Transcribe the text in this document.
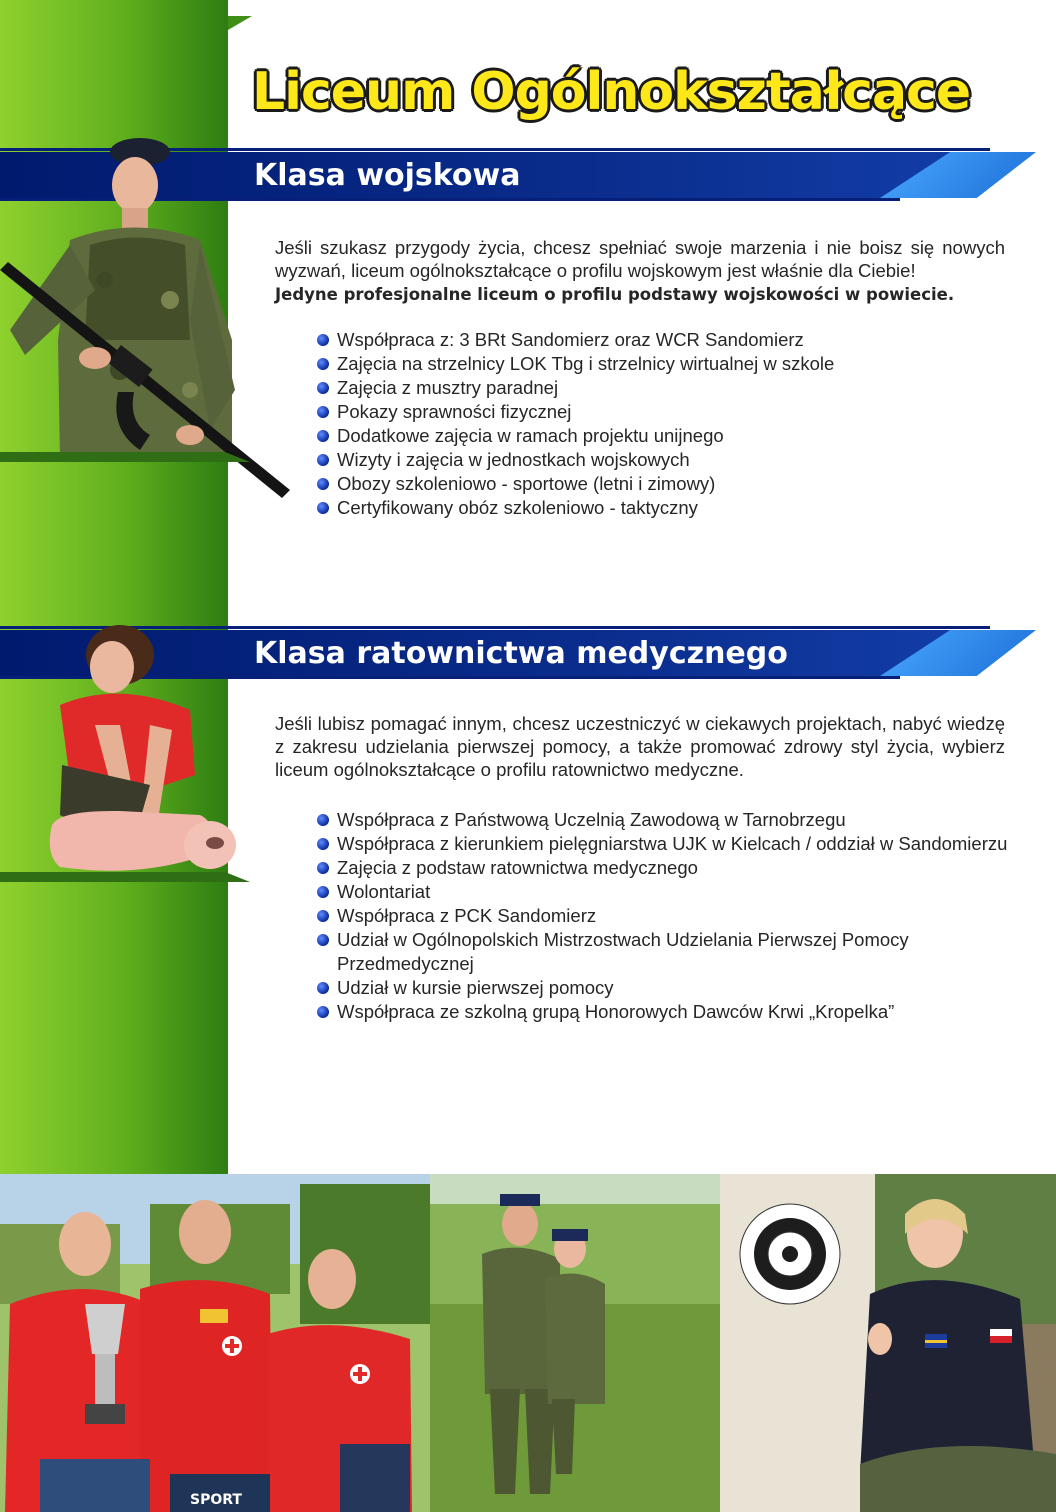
Liceum Ogólnokształcące
Klasa wojskowa
Jeśli szukasz przygody życia, chcesz spełniać swoje marzenia i nie boisz się nowych wyzwań, liceum ogólnokształcące o profilu wojskowym jest właśnie dla Ciebie!
Jedyne profesjonalne liceum o profilu podstawy wojskowości w powiecie.
Współpraca z: 3 BRt Sandomierz oraz WCR Sandomierz
Zajęcia na strzelnicy LOK Tbg i strzelnicy wirtualnej w szkole
Zajęcia z musztry paradnej
Pokazy sprawności fizycznej
Dodatkowe zajęcia w ramach projektu unijnego
Wizyty i zajęcia w jednostkach wojskowych
Obozy szkoleniowo - sportowe (letni i zimowy)
Certyfikowany obóz szkoleniowo - taktyczny
Klasa ratownictwa medycznego
Jeśli lubisz pomagać innym, chcesz uczestniczyć w ciekawych projektach, nabyć wiedzę z zakresu udzielania pierwszej pomocy, a także promować zdrowy styl życia, wybierz liceum ogólnokształcące o profilu ratownictwo medyczne.
Współpraca z Państwową Uczelnią Zawodową w Tarnobrzegu
Współpraca z kierunkiem pielęgniarstwa UJK w Kielcach / oddział w Sandomierzu
Zajęcia z podstaw ratownictwa medycznego
Wolontariat
Współpraca z PCK Sandomierz
Udział w Ogólnopolskich Mistrzostwach Udzielania Pierwszej Pomocy Przedmedycznej
Udział w kursie pierwszej pomocy
Współpraca ze szkolną grupą Honorowych Dawców Krwi „Kropelka”
SPORT
